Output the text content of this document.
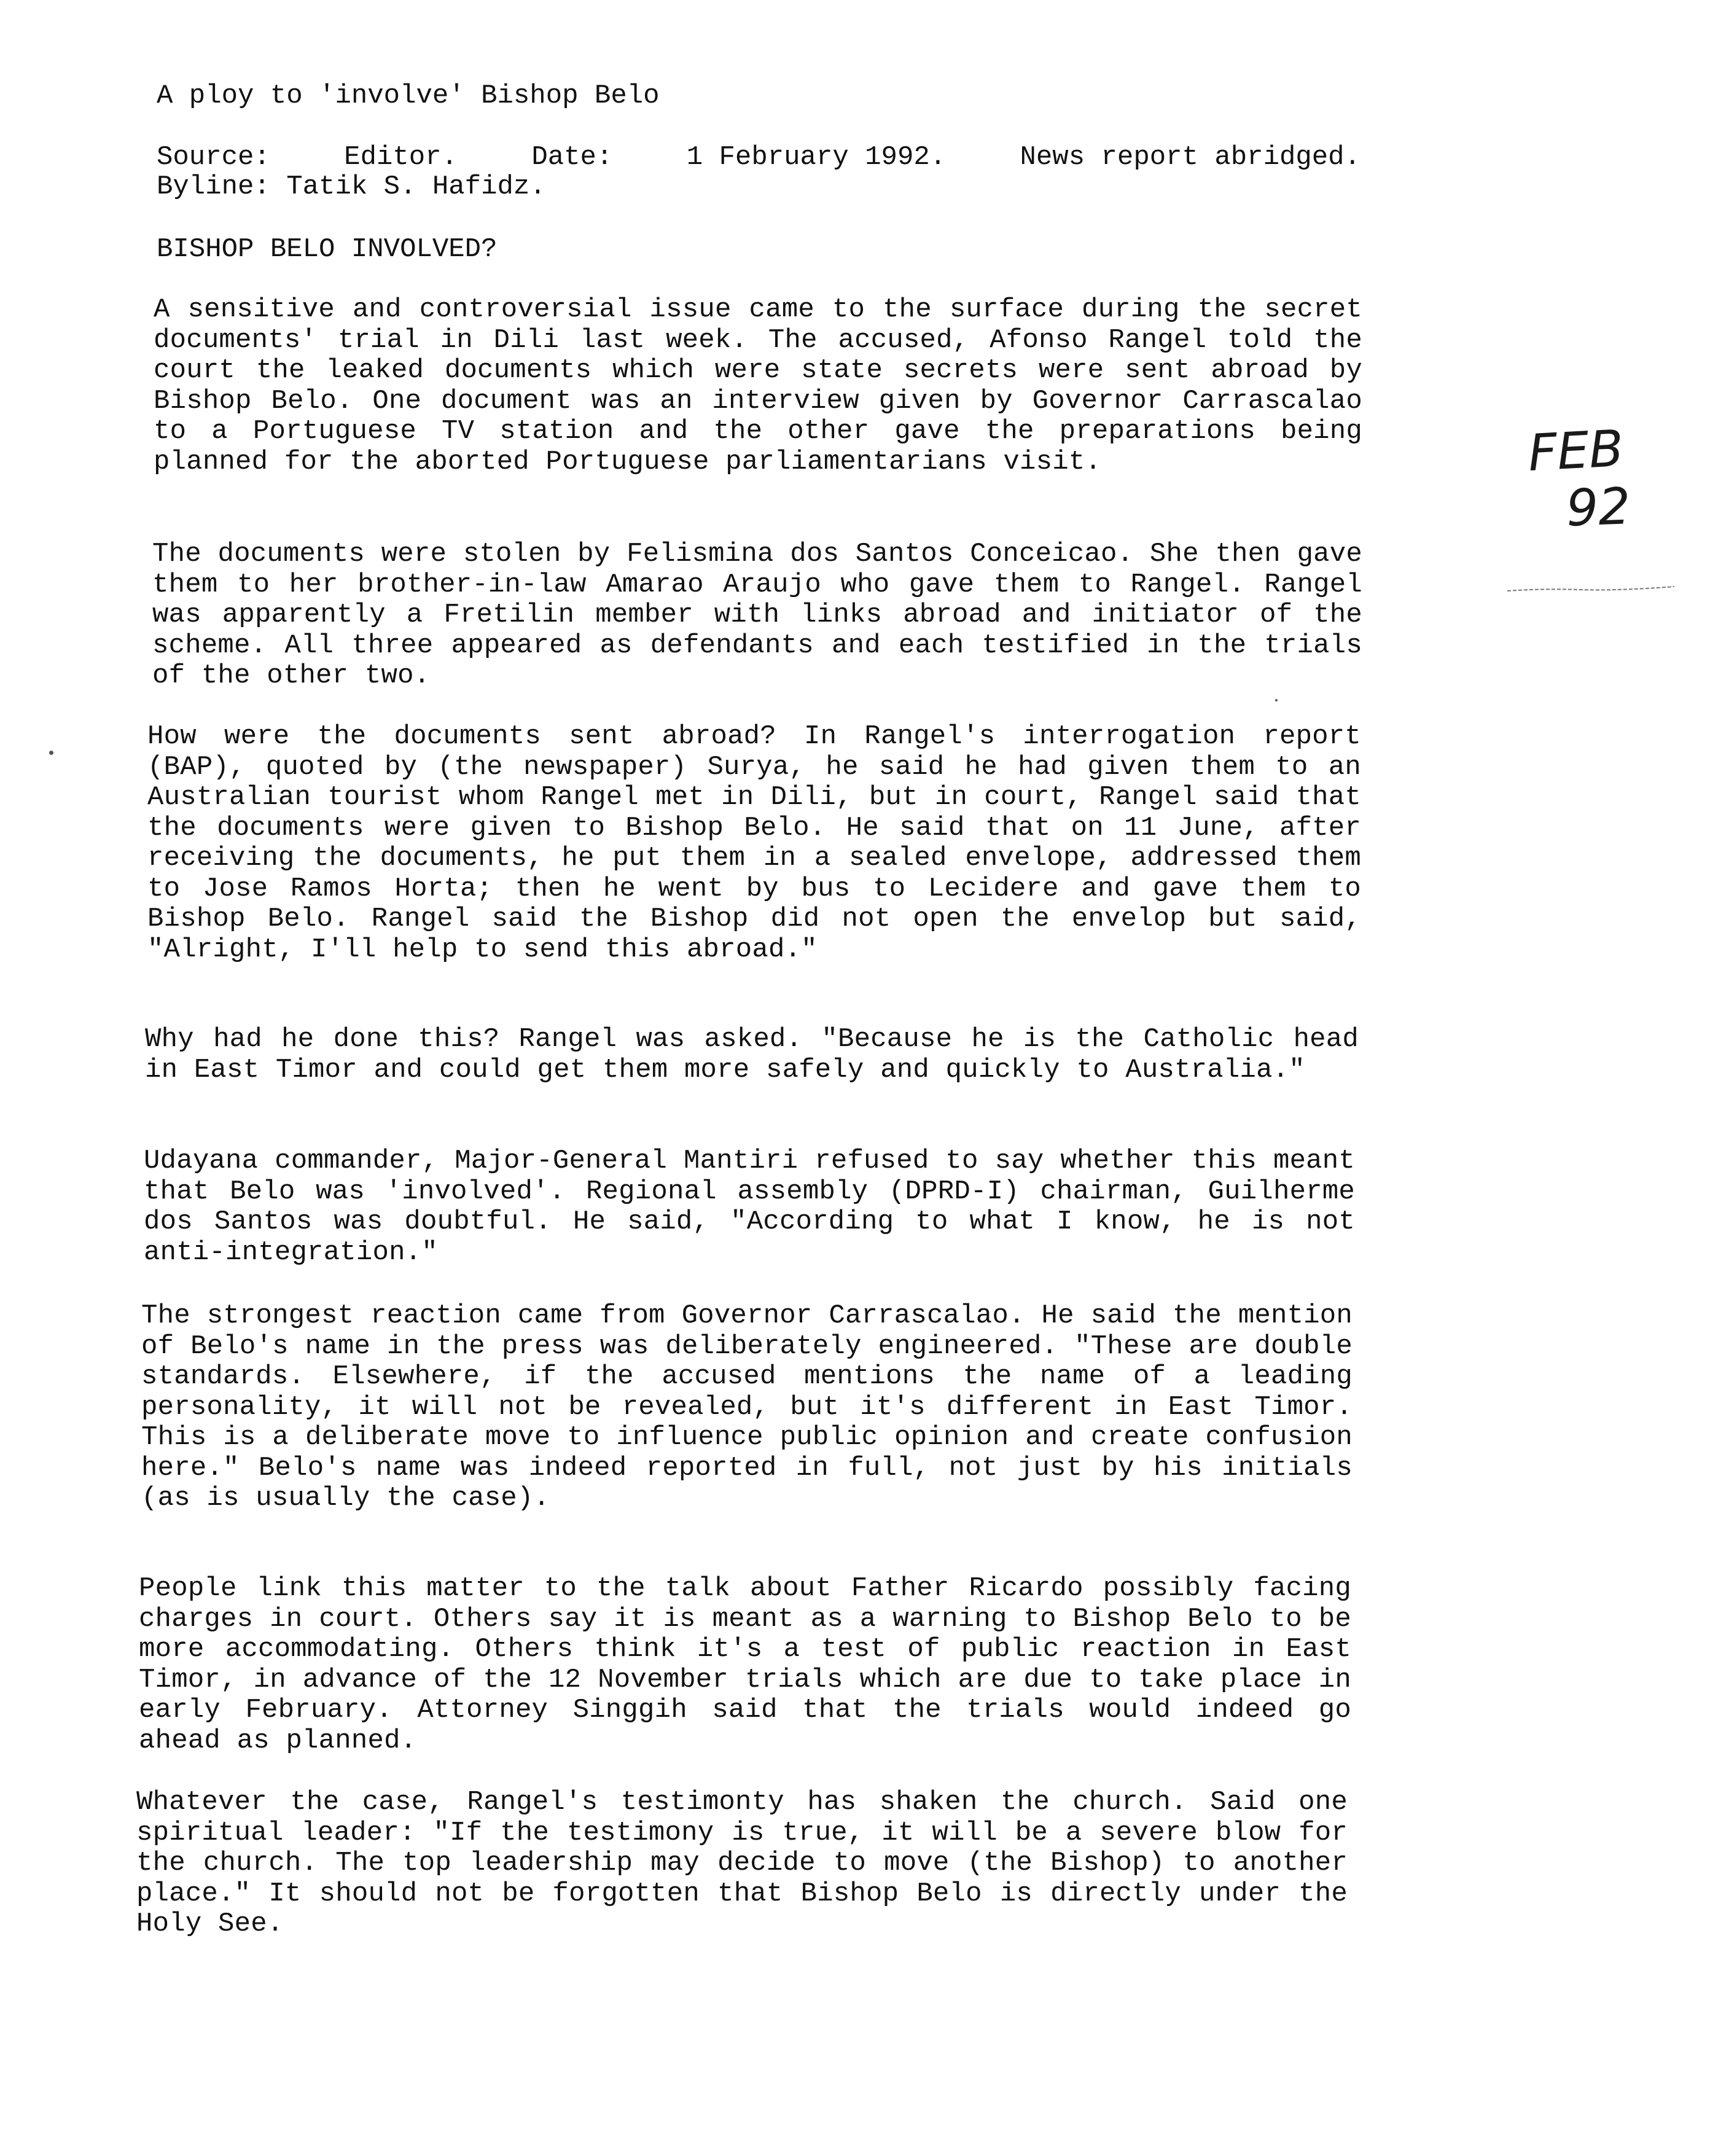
A ploy to 'involve' Bishop Belo
Source:	Editor.	Date:	1 February 1992.	News report abridged.
Byline: Tatik S. Hafidz.
BISHOP BELO INVOLVED?

A sensitive and controversial issue came to the surface during the secret documents' trial in Dili last week. The accused, Afonso Rangel told the court the leaked documents which were state secrets were sent abroad by Bishop Belo. One document was an interview given by Governor Carrascalao to a Portuguese TV station and the other gave the preparations being planned for the aborted Portuguese parliamentarians visit.

The documents were stolen by Felismina dos Santos Conceicao. She then gave them to her brother-in-law Amarao Araujo who gave them to Rangel. Rangel was apparently a Fretilin member with links abroad and initiator of the scheme. All three appeared as defendants and each testified in the trials of the other two.

How were the documents sent abroad? In Rangel's interrogation report (BAP), quoted by (the newspaper) Surya, he said he had given them to an Australian tourist whom Rangel met in Dili, but in court, Rangel said that the documents were given to Bishop Belo. He said that on 11 June, after receiving the documents, he put them in a sealed envelope, addressed them to Jose Ramos Horta; then he went by bus to Lecidere and gave them to Bishop Belo. Rangel said the Bishop did not open the envelop but said, "Alright, I'll help to send this abroad."

Why had he done this? Rangel was asked. "Because he is the Catholic head in East Timor and could get them more safely and quickly to Australia."

Udayana commander, Major-General Mantiri refused to say whether this meant that Belo was 'involved'. Regional assembly (DPRD-I) chairman, Guilherme dos Santos was doubtful. He said, "According to what I know, he is not anti-integration."

The strongest reaction came from Governor Carrascalao. He said the mention of Belo's name in the press was deliberately engineered. "These are double standards. Elsewhere, if the accused mentions the name of a leading personality, it will not be revealed, but it's different in East Timor. This is a deliberate move to influence public opinion and create confusion here." Belo's name was indeed reported in full, not just by his initials (as is usually the case).

People link this matter to the talk about Father Ricardo possibly facing charges in court. Others say it is meant as a warning to Bishop Belo to be more accommodating. Others think it's a test of public reaction in East Timor, in advance of the 12 November trials which are due to take place in early February. Attorney Singgih said that the trials would indeed go ahead as planned.

Whatever the case, Rangel's testimonty has shaken the church. Said one spiritual leader: "If the testimony is true, it will be a severe blow for the church. The top leadership may decide to move (the Bishop) to another place." It should not be forgotten that Bishop Belo is directly under the Holy See.

FEB
92
